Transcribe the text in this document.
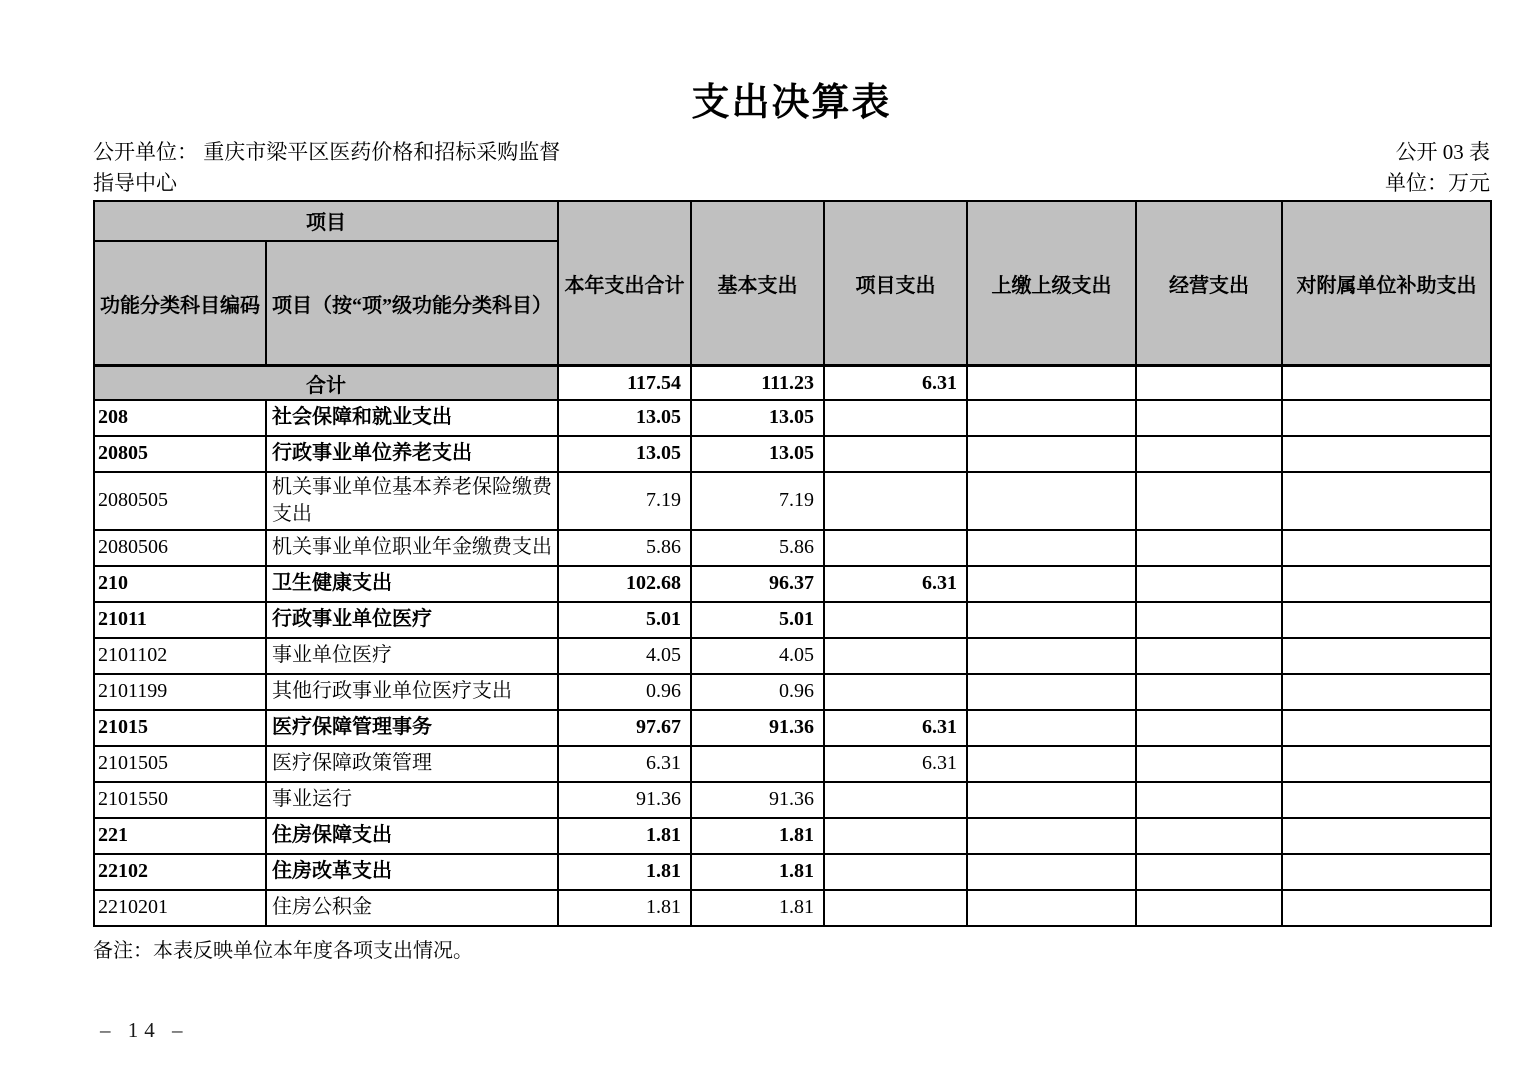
支出决算表
公开单位： 重庆市梁平区医药价格和招标采购监督指导中心
公开 03 表
单位：万元
项目		本年支出合计	基本支出	项目支出	上缴上级支出	经营支出	对附属单位补助支出
功能分类科目编码	项目（按“项”级功能分类科目）						
合计		117.54	111.23	6.31			
208	社会保障和就业支出	13.05	13.05				
20805	行政事业单位养老支出	13.05	13.05				
2080505	机关事业单位基本养老保险缴费支出	7.19	7.19				
2080506	机关事业单位职业年金缴费支出	5.86	5.86				
210	卫生健康支出	102.68	96.37	6.31			
21011	行政事业单位医疗	5.01	5.01				
2101102	事业单位医疗	4.05	4.05				
2101199	其他行政事业单位医疗支出	0.96	0.96				
21015	医疗保障管理事务	97.67	91.36	6.31			
2101505	医疗保障政策管理	6.31		6.31			
2101550	事业运行	91.36	91.36				
221	住房保障支出	1.81	1.81				
22102	住房改革支出	1.81	1.81				
2210201	住房公积金	1.81	1.81				
备注：本表反映单位本年度各项支出情况。
– 14 –
